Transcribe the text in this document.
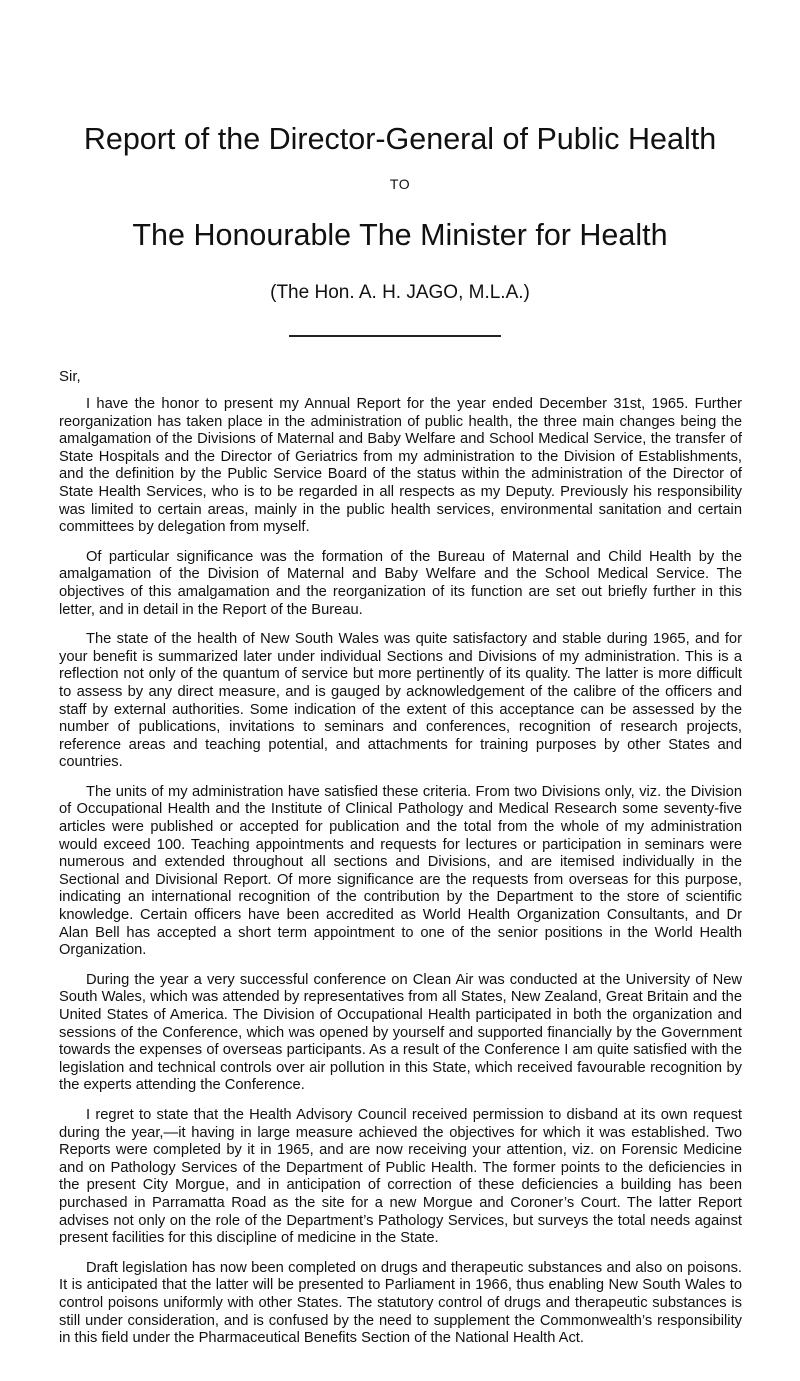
Report of the Director-General of Public Health
TO
The Honourable The Minister for Health
(The Hon. A. H. JAGO, M.L.A.)
Sir,

I have the honor to present my Annual Report for the year ended December 31st, 1965. Further reorganization has taken place in the administration of public health, the three main changes being the amalgamation of the Divisions of Maternal and Baby Welfare and School Medical Service, the transfer of State Hospitals and the Director of Geriatrics from my administration to the Division of Establishments, and the definition by the Public Service Board of the status within the administration of the Director of State Health Services, who is to be regarded in all respects as my Deputy. Previously his responsibility was limited to certain areas, mainly in the public health services, environmental sanitation and certain committees by delegation from myself.

Of particular significance was the formation of the Bureau of Maternal and Child Health by the amalgamation of the Division of Maternal and Baby Welfare and the School Medical Service. The objectives of this amalgamation and the reorganization of its function are set out briefly further in this letter, and in detail in the Report of the Bureau.

The state of the health of New South Wales was quite satisfactory and stable during 1965, and for your benefit is summarized later under individual Sections and Divisions of my administration. This is a reflection not only of the quantum of service but more pertinently of its quality. The latter is more difficult to assess by any direct measure, and is gauged by acknowledgement of the calibre of the officers and staff by external authorities. Some indication of the extent of this acceptance can be assessed by the number of publications, invitations to seminars and conferences, recognition of research projects, reference areas and teaching potential, and attachments for training purposes by other States and countries.

The units of my administration have satisfied these criteria. From two Divisions only, viz. the Division of Occupational Health and the Institute of Clinical Pathology and Medical Research some seventy-five articles were published or accepted for publication and the total from the whole of my administration would exceed 100. Teaching appointments and requests for lectures or participation in seminars were numerous and extended throughout all sections and Divisions, and are itemised individually in the Sectional and Divisional Report. Of more significance are the requests from overseas for this purpose, indicating an international recognition of the contribution by the Department to the store of scientific knowledge. Certain officers have been accredited as World Health Organization Consultants, and Dr Alan Bell has accepted a short term appointment to one of the senior positions in the World Health Organization.

During the year a very successful conference on Clean Air was conducted at the University of New South Wales, which was attended by representatives from all States, New Zealand, Great Britain and the United States of America. The Division of Occupational Health participated in both the organization and sessions of the Conference, which was opened by yourself and supported financially by the Government towards the expenses of overseas participants. As a result of the Conference I am quite satisfied with the legislation and technical controls over air pollution in this State, which received favourable recognition by the experts attending the Conference.

I regret to state that the Health Advisory Council received permission to disband at its own request during the year,—it having in large measure achieved the objectives for which it was established. Two Reports were completed by it in 1965, and are now receiving your attention, viz. on Forensic Medicine and on Pathology Services of the Department of Public Health. The former points to the deficiencies in the present City Morgue, and in anticipation of correction of these deficiencies a building has been purchased in Parramatta Road as the site for a new Morgue and Coroner’s Court. The latter Report advises not only on the role of the Department’s Pathology Services, but surveys the total needs against present facilities for this discipline of medicine in the State.

Draft legislation has now been completed on drugs and therapeutic substances and also on poisons. It is anticipated that the latter will be presented to Parliament in 1966, thus enabling New South Wales to control poisons uniformly with other States. The statutory control of drugs and therapeutic substances is still under consideration, and is confused by the need to supplement the Commonwealth’s responsibility in this field under the Pharmaceutical Benefits Section of the National Health Act.
